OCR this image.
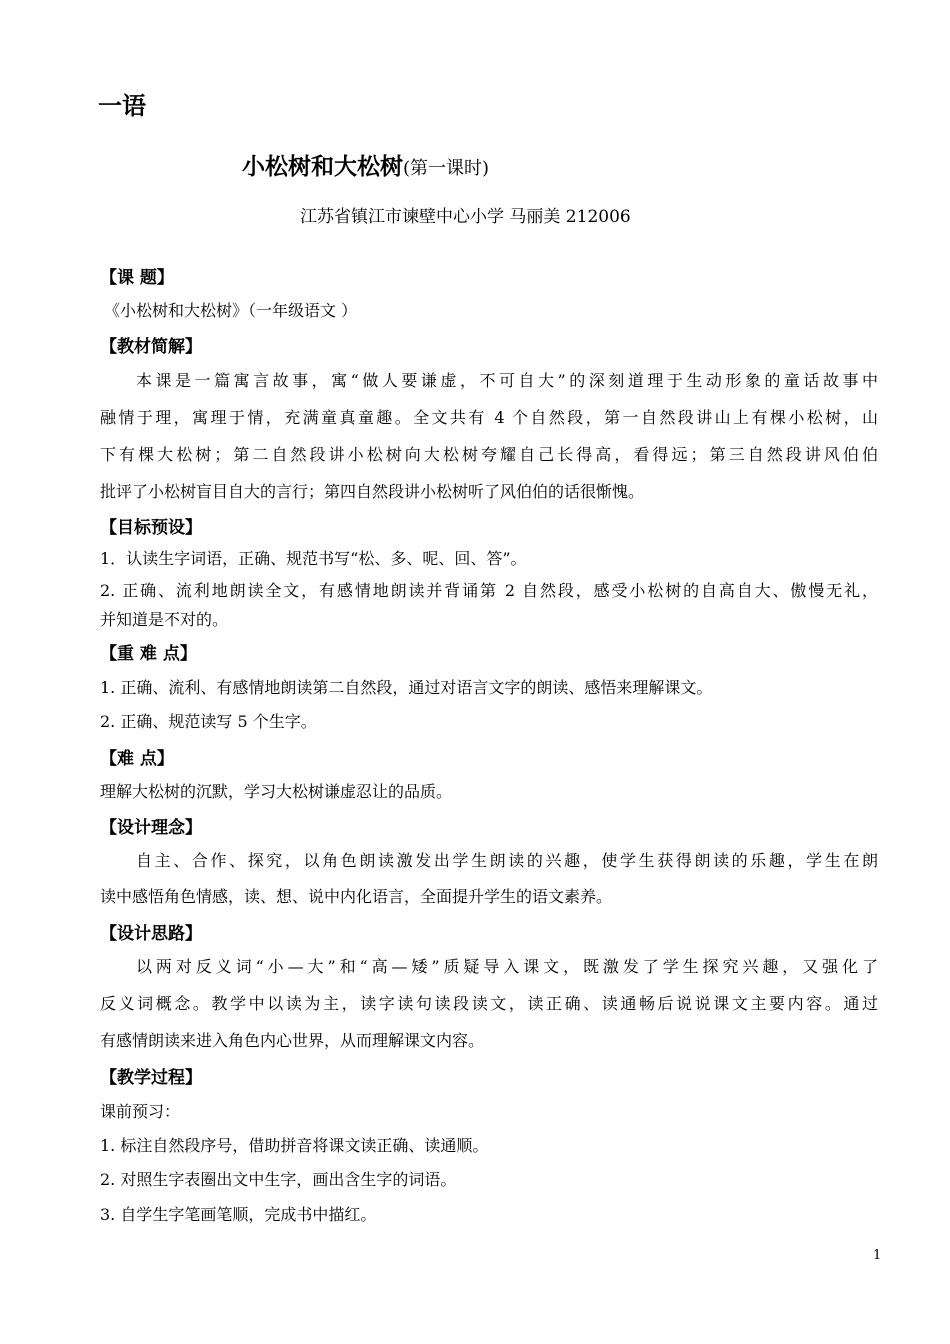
一语
小松树和大松树(第一课时)
江苏省镇江市谏壁中心小学 马丽美 212006
【课 题】
《小松树和大松树》（一年级语文 ）
【教材简解】
本课是一篇寓言故事，寓“做人要谦虚，不可自大”的深刻道理于生动形象的童话故事中
融情于理，寓理于情，充满童真童趣。全文共有 4 个自然段，第一自然段讲山上有棵小松树，山
下有棵大松树；第二自然段讲小松树向大松树夸耀自己长得高，看得远；第三自然段讲风伯伯
批评了小松树盲目自大的言行；第四自然段讲小松树听了风伯伯的话很惭愧。
【目标预设】
1．认读生字词语，正确、规范书写“松、多、呢、回、答”。
2. 正确、流利地朗读全文，有感情地朗读并背诵第 2 自然段，感受小松树的自高自大、傲慢无礼，
并知道是不对的。
【重 难 点】
1. 正确、流利、有感情地朗读第二自然段，通过对语言文字的朗读、感悟来理解课文。
2. 正确、规范读写 5 个生字。
【难 点】
理解大松树的沉默，学习大松树谦虚忍让的品质。
【设计理念】
自主、合作、探究，以角色朗读激发出学生朗读的兴趣，使学生获得朗读的乐趣，学生在朗
读中感悟角色情感，读、想、说中内化语言，全面提升学生的语文素养。
【设计思路】
以两对反义词“小—大”和“高—矮”质疑导入课文，既激发了学生探究兴趣，又强化了
反义词概念。教学中以读为主，读字读句读段读文，读正确、读通畅后说说课文主要内容。通过
有感情朗读来进入角色内心世界，从而理解课文内容。
【教学过程】
课前预习：
1. 标注自然段序号，借助拼音将课文读正确、读通顺。
2. 对照生字表圈出文中生字，画出含生字的词语。
3. 自学生字笔画笔顺，完成书中描红。
1
